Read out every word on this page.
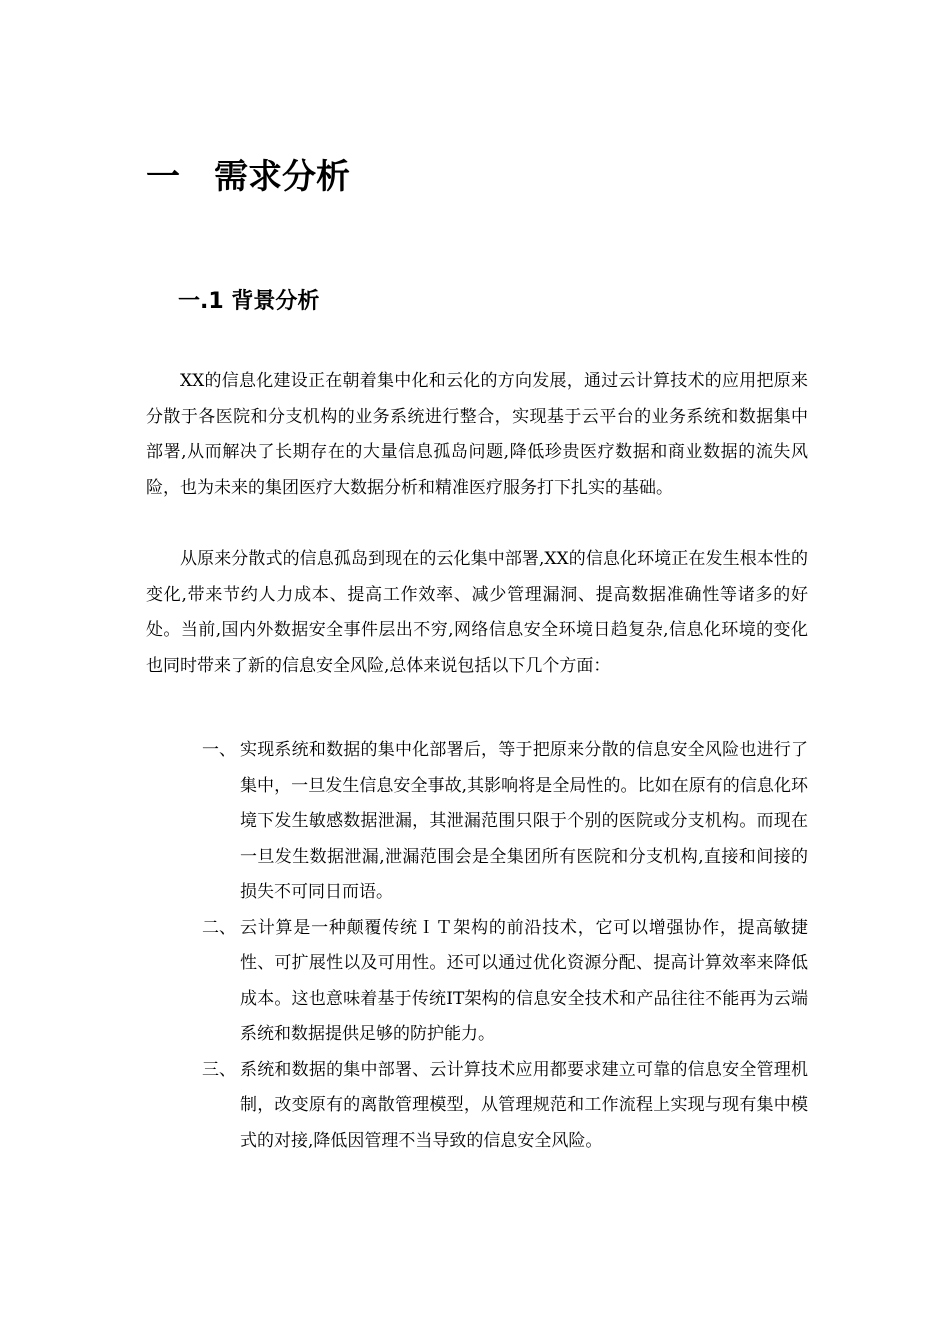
一 需求分析
一.1 背景分析

XX的信息化建设正在朝着集中化和云化的方向发展，通过云计算技术的应用把原来分散于各医院和分支机构的业务系统进行整合，实现基于云平台的业务系统和数据集中部署,从而解决了长期存在的大量信息孤岛问题,降低珍贵医疗数据和商业数据的流失风险，也为未来的集团医疗大数据分析和精准医疗服务打下扎实的基础。

从原来分散式的信息孤岛到现在的云化集中部署,XX的信息化环境正在发生根本性的变化,带来节约人力成本、提高工作效率、减少管理漏洞、提高数据准确性等诸多的好处。当前,国内外数据安全事件层出不穷,网络信息安全环境日趋复杂,信息化环境的变化也同时带来了新的信息安全风险,总体来说包括以下几个方面：

一、 实现系统和数据的集中化部署后，等于把原来分散的信息安全风险也进行了集中，一旦发生信息安全事故,其影响将是全局性的。比如在原有的信息化环境下发生敏感数据泄漏，其泄漏范围只限于个别的医院或分支机构。而现在一旦发生数据泄漏,泄漏范围会是全集团所有医院和分支机构,直接和间接的损失不可同日而语。
二、 云计算是一种颠覆传统ＩＴ架构的前沿技术，它可以增强协作，提高敏捷性、可扩展性以及可用性。还可以通过优化资源分配、提高计算效率来降低成本。这也意味着基于传统IT架构的信息安全技术和产品往往不能再为云端系统和数据提供足够的防护能力。
三、 系统和数据的集中部署、云计算技术应用都要求建立可靠的信息安全管理机制，改变原有的离散管理模型，从管理规范和工作流程上实现与现有集中模式的对接,降低因管理不当导致的信息安全风险。
